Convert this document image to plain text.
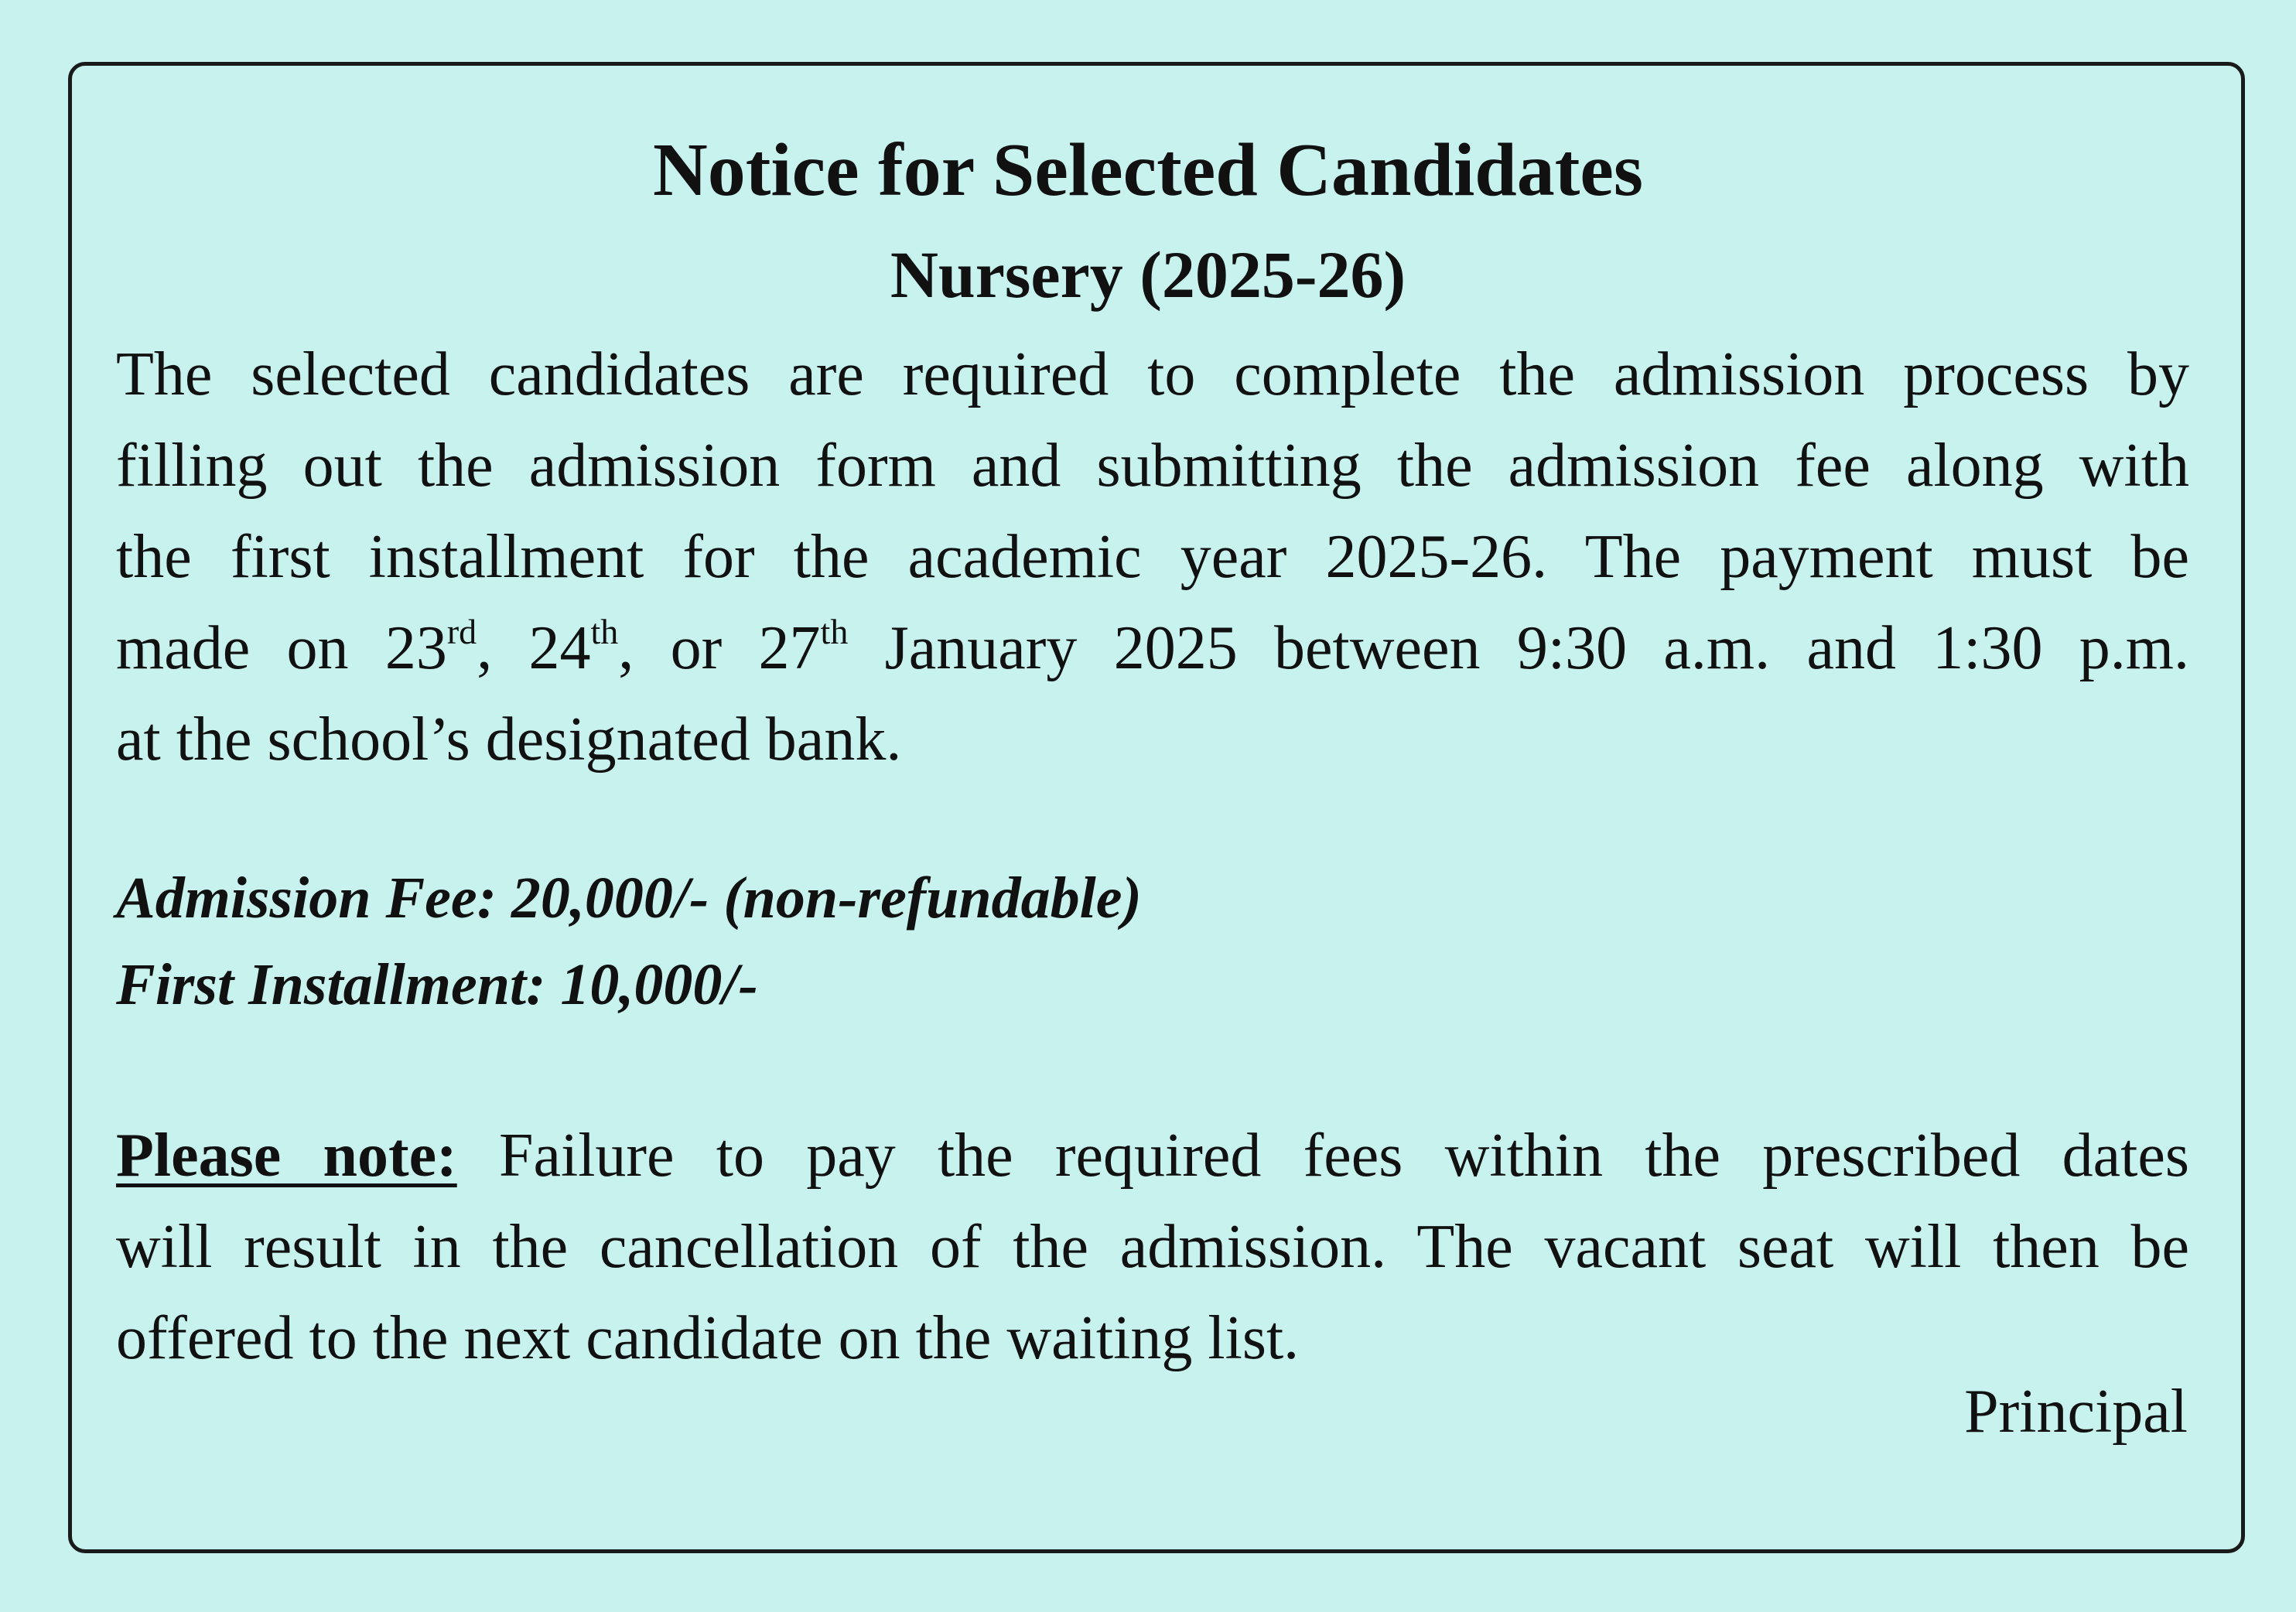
Notice for Selected Candidates
Nursery (2025-26)

The selected candidates are required to complete the admission process by
filling out the admission form and submitting the admission fee along with
the first installment for the academic year 2025-26. The payment must be
made on 23rd, 24th, or 27th January 2025 between 9:30 a.m. and 1:30 p.m.
at the school’s designated bank.

Admission Fee: 20,000/- (non-refundable)
First Installment: 10,000/-

Please note: Failure to pay the required fees within the prescribed dates
will result in the cancellation of the admission. The vacant seat will then be
offered to the next candidate on the waiting list.

Principal
